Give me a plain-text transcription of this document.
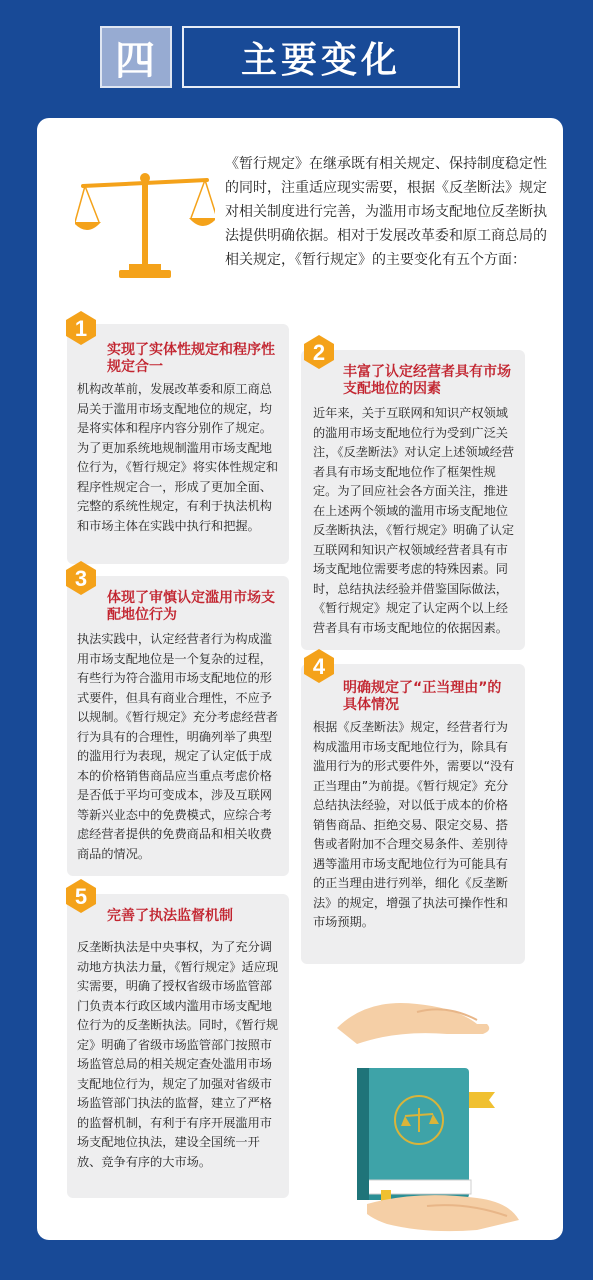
四 主要变化
《暂行规定》在继承既有相关规定、保持制度稳定性的同时，注重适应现实需要，根据《反垄断法》规定对相关制度进行完善，为滥用市场支配地位反垄断执法提供明确依据。相对于发展改革委和原工商总局的相关规定，《暂行规定》的主要变化有五个方面：
实现了实体性规定和程序性规定合一
机构改革前，发展改革委和原工商总局关于滥用市场支配地位的规定，均是将实体和程序内容分别作了规定。为了更加系统地规制滥用市场支配地位行为，《暂行规定》将实体性规定和程序性规定合一，形成了更加全面、完整的系统性规定，有利于执法机构和市场主体在实践中执行和把握。
1
丰富了认定经营者具有市场支配地位的因素
近年来，关于互联网和知识产权领域的滥用市场支配地位行为受到广泛关注，《反垄断法》对认定上述领域经营者具有市场支配地位作了框架性规定。为了回应社会各方面关注，推进在上述两个领域的滥用市场支配地位反垄断执法，《暂行规定》明确了认定互联网和知识产权领域经营者具有市场支配地位需要考虑的特殊因素。同时，总结执法经验并借鉴国际做法，《暂行规定》规定了认定两个以上经营者具有市场支配地位的依据因素。
2
体现了审慎认定滥用市场支配地位行为
执法实践中，认定经营者行为构成滥用市场支配地位是一个复杂的过程，有些行为符合滥用市场支配地位的形式要件，但具有商业合理性，不应予以规制。《暂行规定》充分考虑经营者行为具有的合理性，明确列举了典型的滥用行为表现，规定了认定低于成本的价格销售商品应当重点考虑价格是否低于平均可变成本，涉及互联网等新兴业态中的免费模式，应综合考虑经营者提供的免费商品和相关收费商品的情况。
3
明确规定了“正当理由”的具体情况
根据《反垄断法》规定，经营者行为构成滥用市场支配地位行为，除具有滥用行为的形式要件外，需要以“没有正当理由”为前提。《暂行规定》充分总结执法经验，对以低于成本的价格销售商品、拒绝交易、限定交易、搭售或者附加不合理交易条件、差别待遇等滥用市场支配地位行为可能具有的正当理由进行列举，细化《反垄断法》的规定，增强了执法可操作性和市场预期。
4
完善了执法监督机制
反垄断执法是中央事权，为了充分调动地方执法力量，《暂行规定》适应现实需要，明确了授权省级市场监管部门负责本行政区域内滥用市场支配地位行为的反垄断执法。同时，《暂行规定》明确了省级市场监管部门按照市场监管总局的相关规定查处滥用市场支配地位行为，规定了加强对省级市场监管部门执法的监督，建立了严格的监督机制，有利于有序开展滥用市场支配地位执法，建设全国统一开放、竞争有序的大市场。
5
